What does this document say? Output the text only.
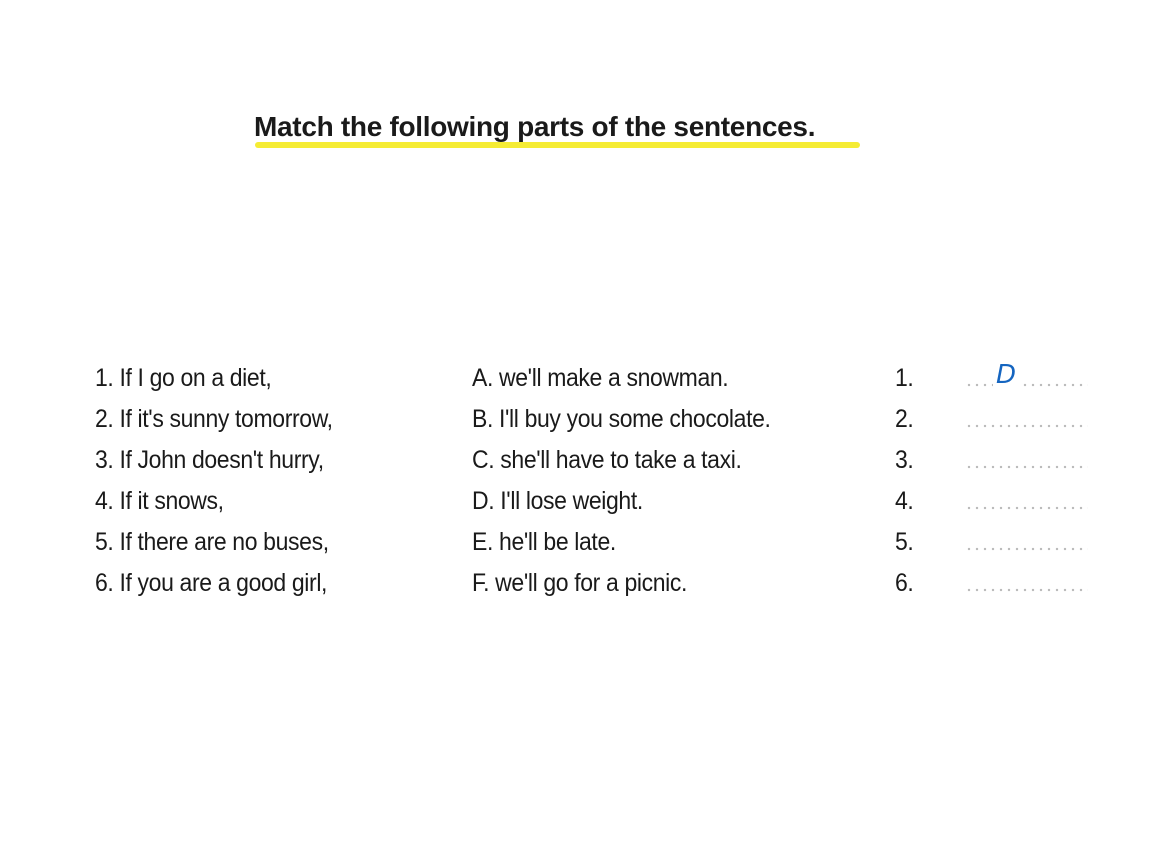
Match the following parts of the sentences.
1. If I go on a diet,
2. If it's sunny tomorrow,
3. If John doesn't hurry,
4. If it snows,
5. If there are no buses,
6. If you are a good girl,
A. we'll make a snowman.
B. I'll buy you some chocolate.
C. she'll have to take a taxi.
D. I'll lose weight.
E. he'll be late.
F. we'll go for a picnic.
1.
2.
3.
4.
5.
6.
D
